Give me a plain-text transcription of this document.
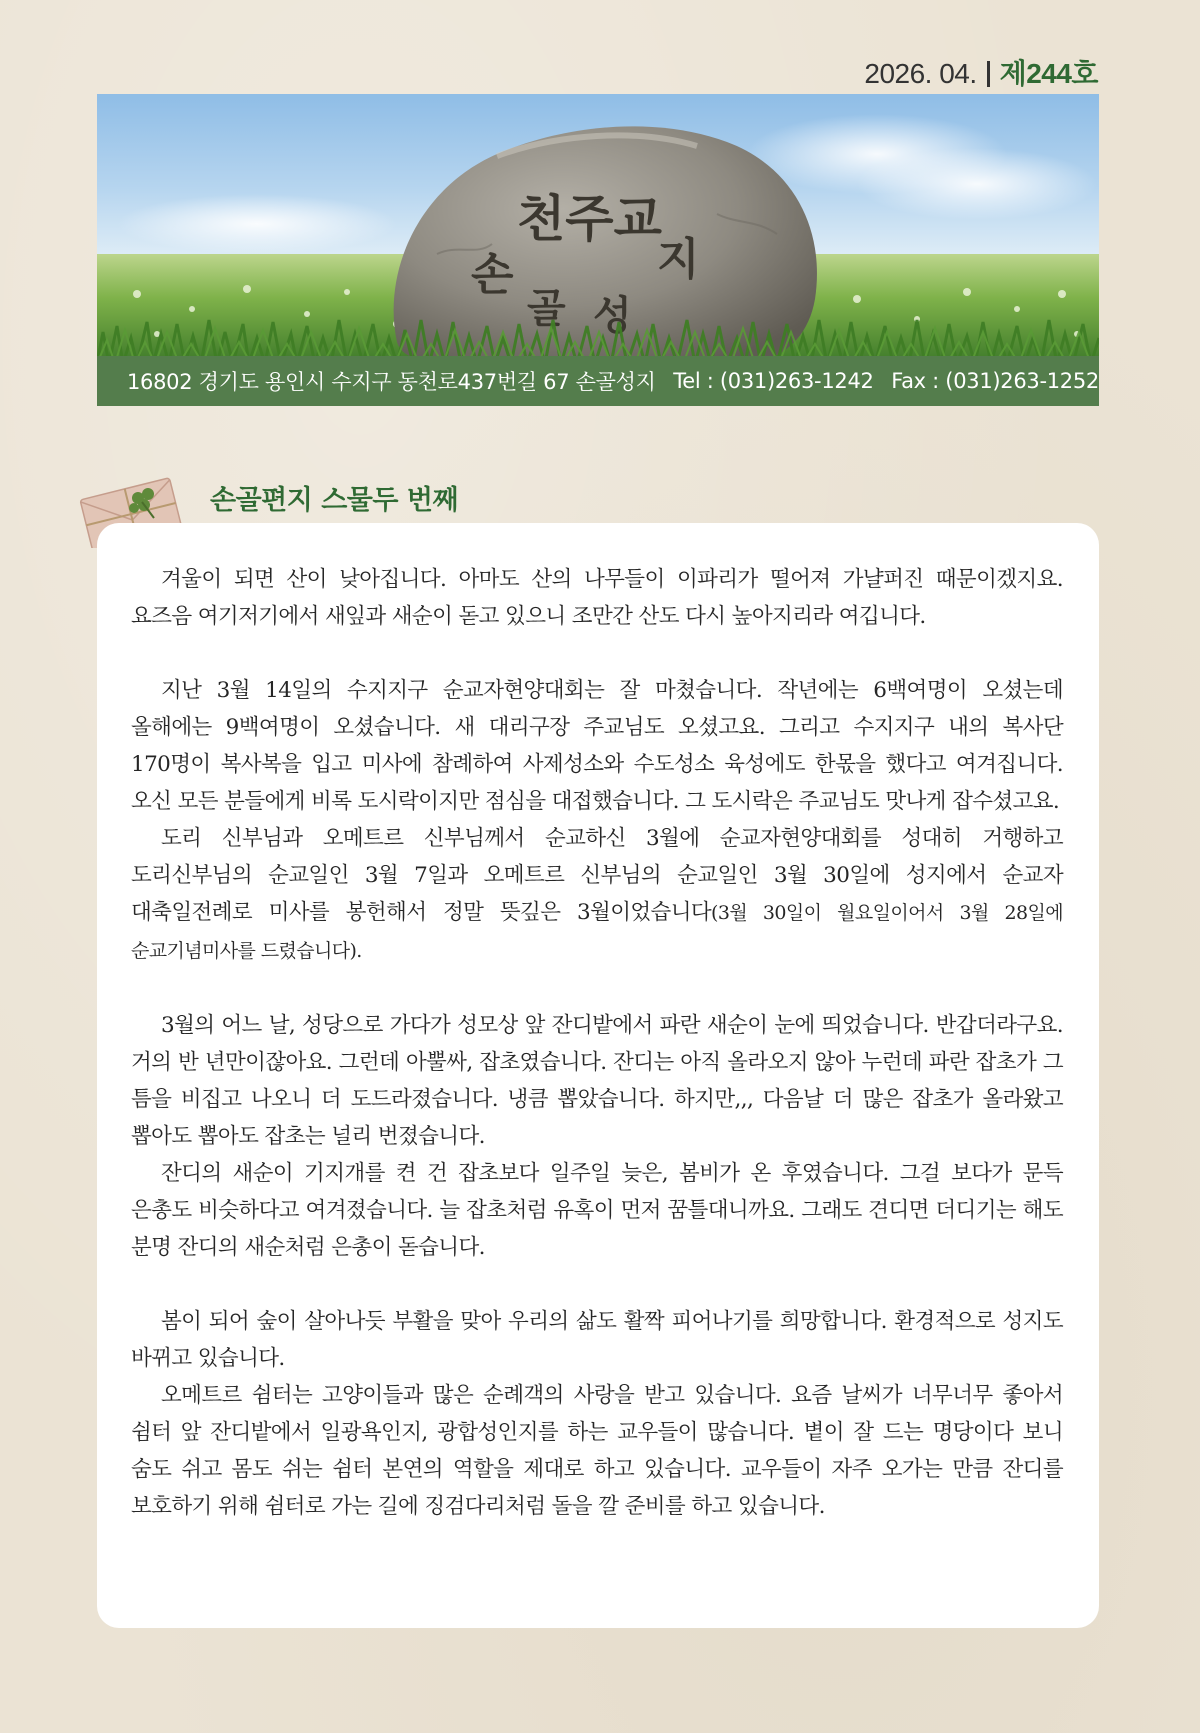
2026. 04. 제244호
천주교
손	지
골 성
16802 경기도 용인시 수지구 동천로437번길 67 손골성지 Tel : (031)263-1242 Fax : (031)263-1252
손골편지 스물두 번째

겨울이 되면 산이 낮아집니다. 아마도 산의 나무들이 이파리가 떨어져 가냘퍼진 때문이겠지요. 요즈음 여기저기에서 새잎과 새순이 돋고 있으니 조만간 산도 다시 높아지리라 여깁니다.

지난 3월 14일의 수지지구 순교자현양대회는 잘 마쳤습니다. 작년에는 6백여명이 오셨는데 올해에는 9백여명이 오셨습니다. 새 대리구장 주교님도 오셨고요. 그리고 수지지구 내의 복사단 170명이 복사복을 입고 미사에 참례하여 사제성소와 수도성소 육성에도 한몫을 했다고 여겨집니다. 오신 모든 분들에게 비록 도시락이지만 점심을 대접했습니다. 그 도시락은 주교님도 맛나게 잡수셨고요.

도리 신부님과 오메트르 신부님께서 순교하신 3월에 순교자현양대회를 성대히 거행하고 도리신부님의 순교일인 3월 7일과 오메트르 신부님의 순교일인 3월 30일에 성지에서 순교자 대축일전례로 미사를 봉헌해서 정말 뜻깊은 3월이었습니다(3월 30일이 월요일이어서 3월 28일에 순교기념미사를 드렸습니다).

3월의 어느 날, 성당으로 가다가 성모상 앞 잔디밭에서 파란 새순이 눈에 띄었습니다. 반갑더라구요. 거의 반 년만이잖아요. 그런데 아뿔싸, 잡초였습니다. 잔디는 아직 올라오지 않아 누런데 파란 잡초가 그 틈을 비집고 나오니 더 도드라졌습니다. 냉큼 뽑았습니다. 하지만,,, 다음날 더 많은 잡초가 올라왔고 뽑아도 뽑아도 잡초는 널리 번졌습니다.

잔디의 새순이 기지개를 켠 건 잡초보다 일주일 늦은, 봄비가 온 후였습니다. 그걸 보다가 문득 은총도 비슷하다고 여겨졌습니다. 늘 잡초처럼 유혹이 먼저 꿈틀대니까요. 그래도 견디면 더디기는 해도 분명 잔디의 새순처럼 은총이 돋습니다.

봄이 되어 숲이 살아나듯 부활을 맞아 우리의 삶도 활짝 피어나기를 희망합니다. 환경적으로 성지도 바뀌고 있습니다.

오메트르 쉼터는 고양이들과 많은 순례객의 사랑을 받고 있습니다. 요즘 날씨가 너무너무 좋아서 쉼터 앞 잔디밭에서 일광욕인지, 광합성인지를 하는 교우들이 많습니다. 볕이 잘 드는 명당이다 보니 숨도 쉬고 몸도 쉬는 쉼터 본연의 역할을 제대로 하고 있습니다. 교우들이 자주 오가는 만큼 잔디를 보호하기 위해 쉼터로 가는 길에 징검다리처럼 돌을 깔 준비를 하고 있습니다.
